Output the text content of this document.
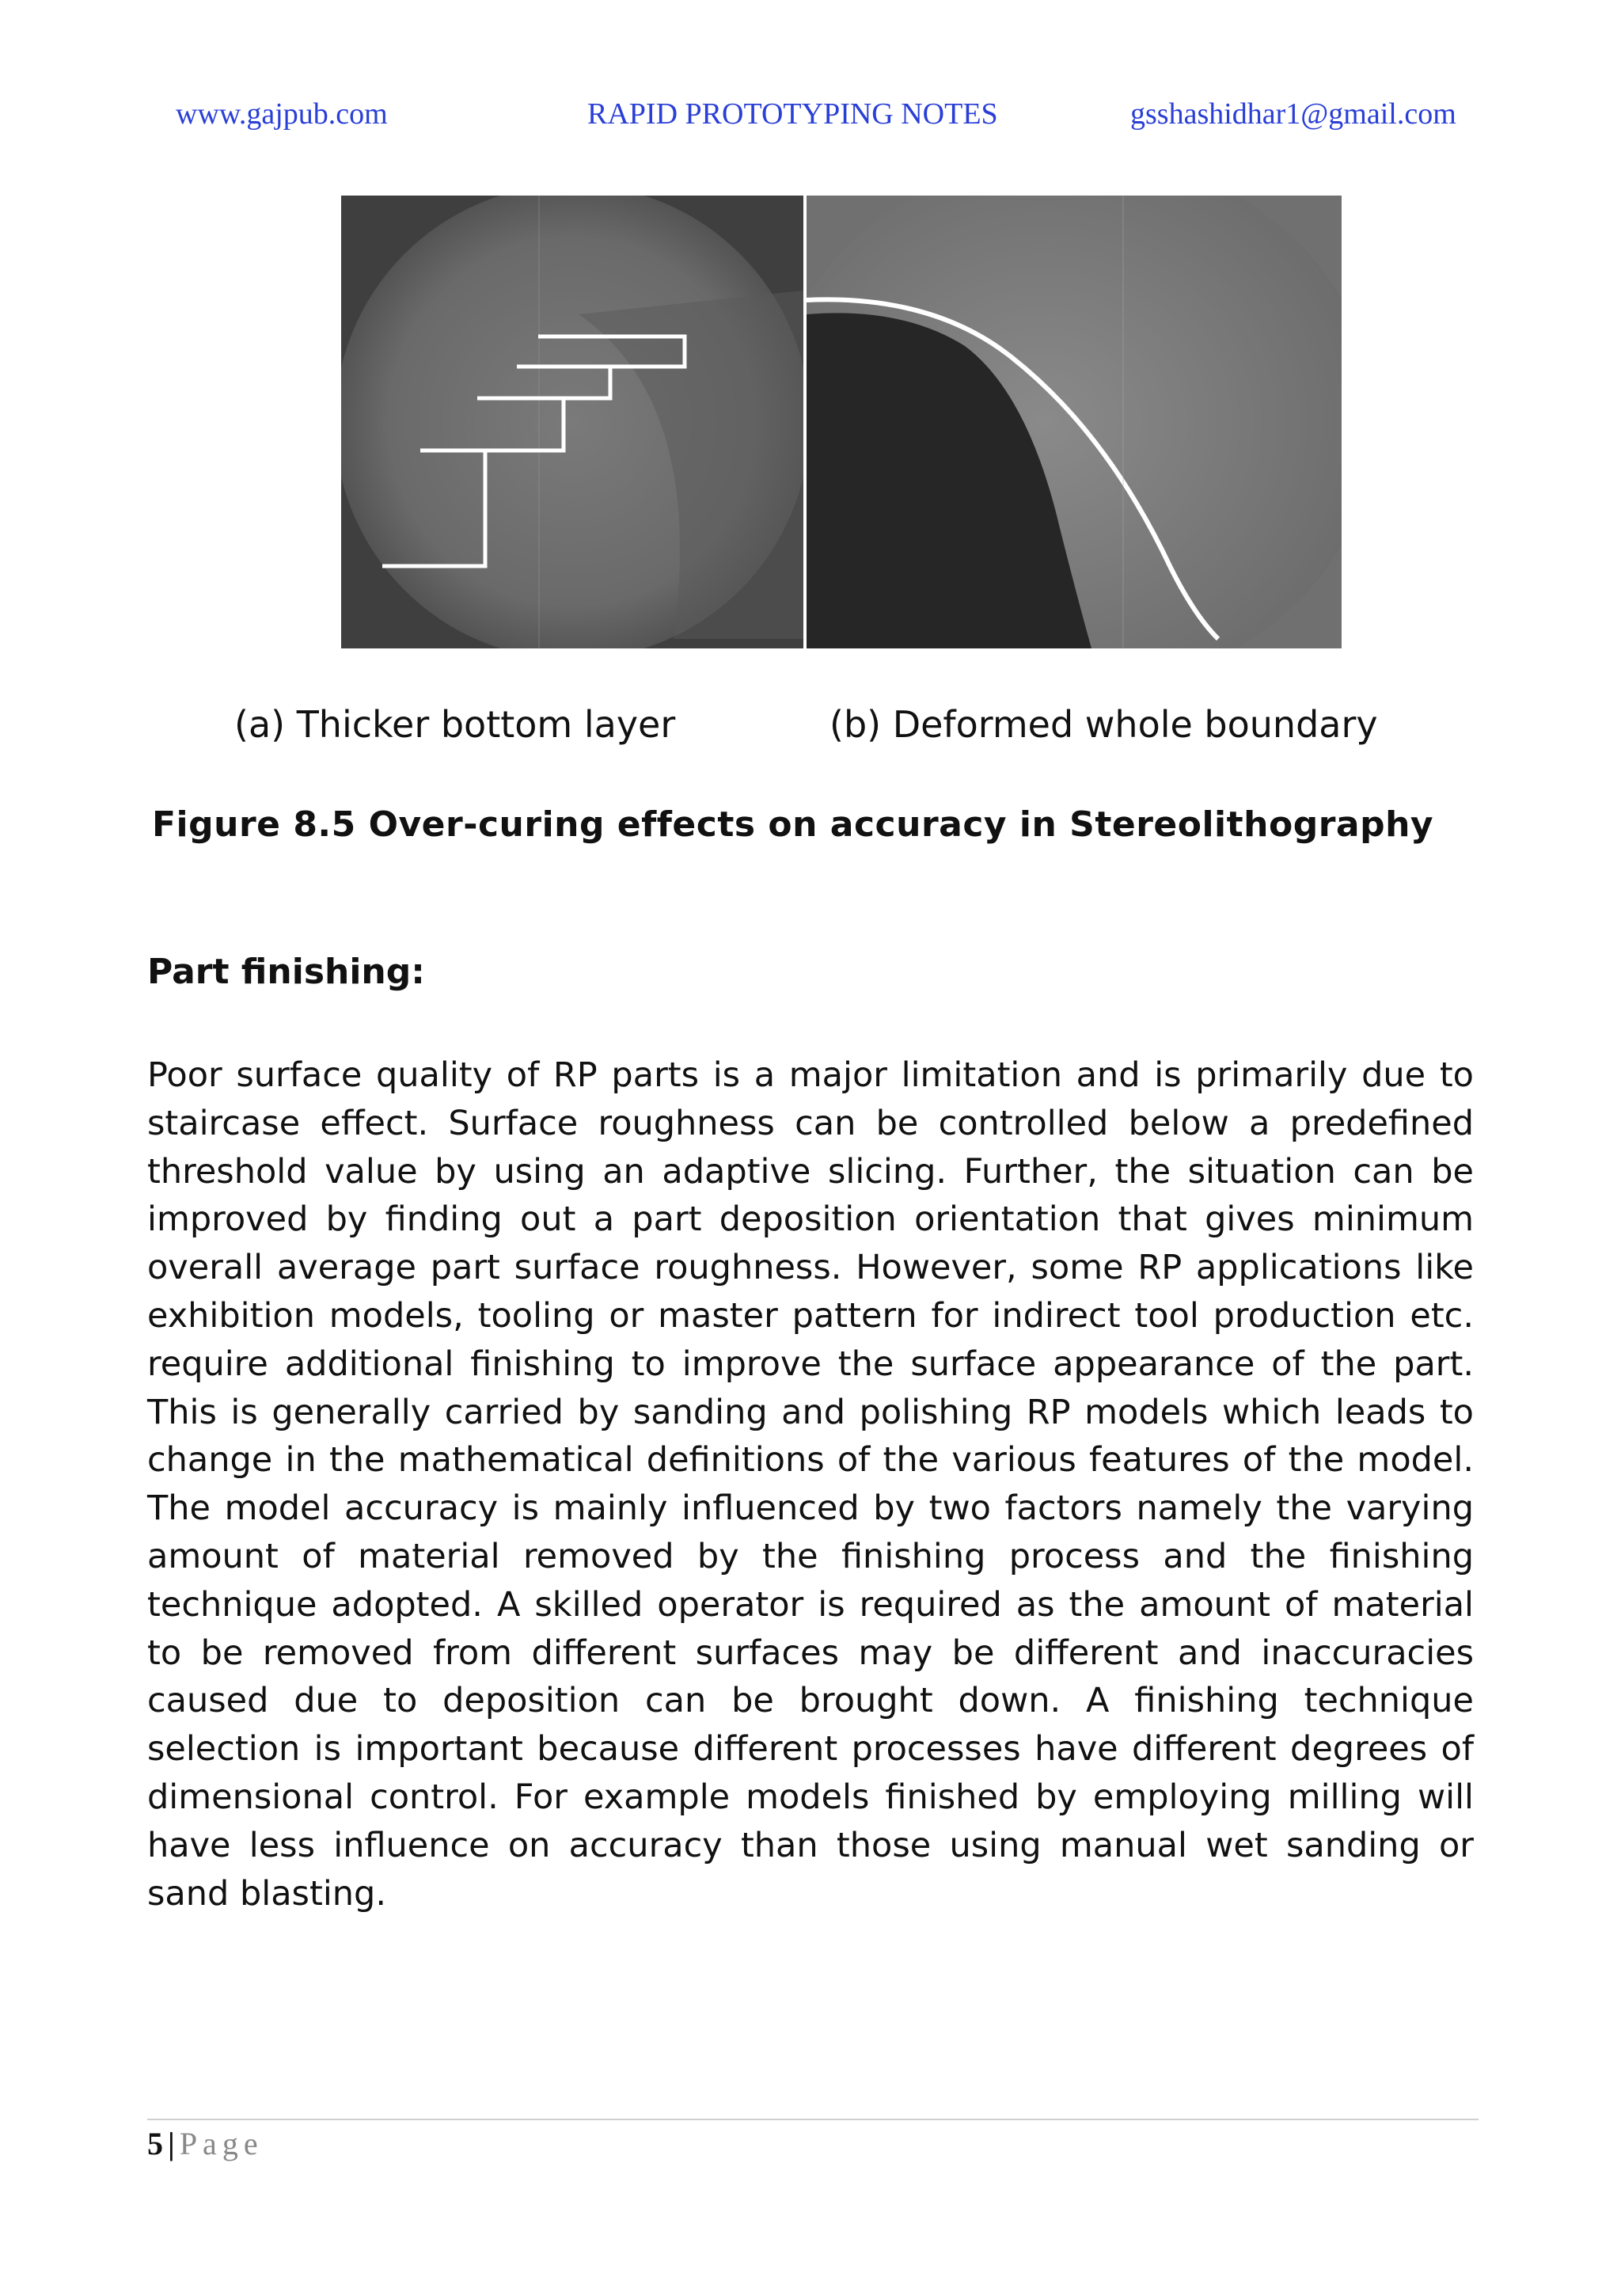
www.gajpub.com	RAPID PROTOTYPING NOTES	gsshashidhar1@gmail.com
(a) Thicker bottom layer	(b) Deformed whole boundary
Figure 8.5 Over-curing effects on accuracy in Stereolithography
Part finishing:
Poor surface quality of RP parts is a major limitation and is primarily due to staircase effect. Surface roughness can be controlled below a predefined threshold value by using an adaptive slicing. Further, the situation can be improved by finding out a part deposition orientation that gives minimum overall average part surface roughness. However, some RP applications like exhibition models, tooling or master pattern for indirect tool production etc. require additional finishing to improve the surface appearance of the part. This is generally carried by sanding and polishing RP models which leads to change in the mathematical definitions of the various features of the model. The model accuracy is mainly influenced by two factors namely the varying amount of material removed by the finishing process and the finishing technique adopted. A skilled operator is required as the amount of material to be removed from different surfaces may be different and inaccuracies caused due to deposition can be brought down. A finishing technique selection is important because different processes have different degrees of dimensional control. For example models finished by employing milling will have less influence on accuracy than those using manual wet sanding or sand blasting.
5 | Page
